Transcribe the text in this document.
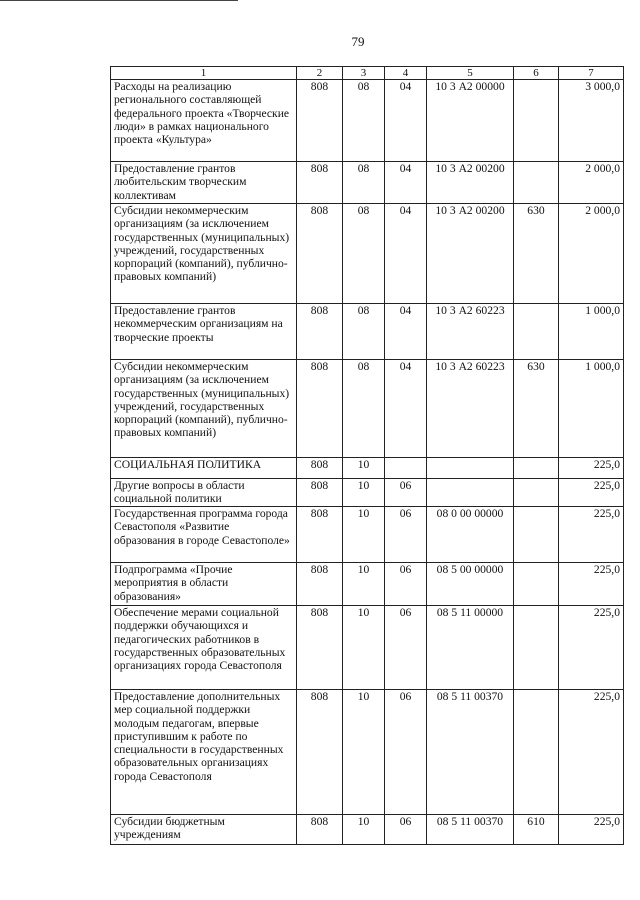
79
1	2	3	4	5	6	7
Расходы на реализацию регионального составляющей федерального проекта «Творческие люди» в рамках национального проекта «Культура»	808	08	04	10 3 А2 00000		3 000,0
Предоставление грантов любительским творческим коллективам	808	08	04	10 3 А2 00200		2 000,0
Субсидии некоммерческим организациям (за исключением государственных (муниципальных) учреждений, государственных корпораций (компаний), публично-правовых компаний)	808	08	04	10 3 А2 00200	630	2 000,0
Предоставление грантов некоммерческим организациям на творческие проекты	808	08	04	10 3 А2 60223		1 000,0
Субсидии некоммерческим организациям (за исключением государственных (муниципальных) учреждений, государственных корпораций (компаний), публично-правовых компаний)	808	08	04	10 3 А2 60223	630	1 000,0
СОЦИАЛЬНАЯ ПОЛИТИКА	808	10				225,0
Другие вопросы в области социальной политики	808	10	06			225,0
Государственная программа города Севастополя «Развитие образования в городе Севастополе»	808	10	06	08 0 00 00000		225,0
Подпрограмма «Прочие мероприятия в области образования»	808	10	06	08 5 00 00000		225,0
Обеспечение мерами социальной поддержки обучающихся и педагогических работников в государственных образовательных организациях города Севастополя	808	10	06	08 5 11 00000		225,0
Предоставление дополнительных мер социальной поддержки молодым педагогам, впервые приступившим к работе по специальности в государственных образовательных организациях города Севастополя	808	10	06	08 5 11 00370		225,0
Субсидии бюджетным учреждениям	808	10	06	08 5 11 00370	610	225,0
